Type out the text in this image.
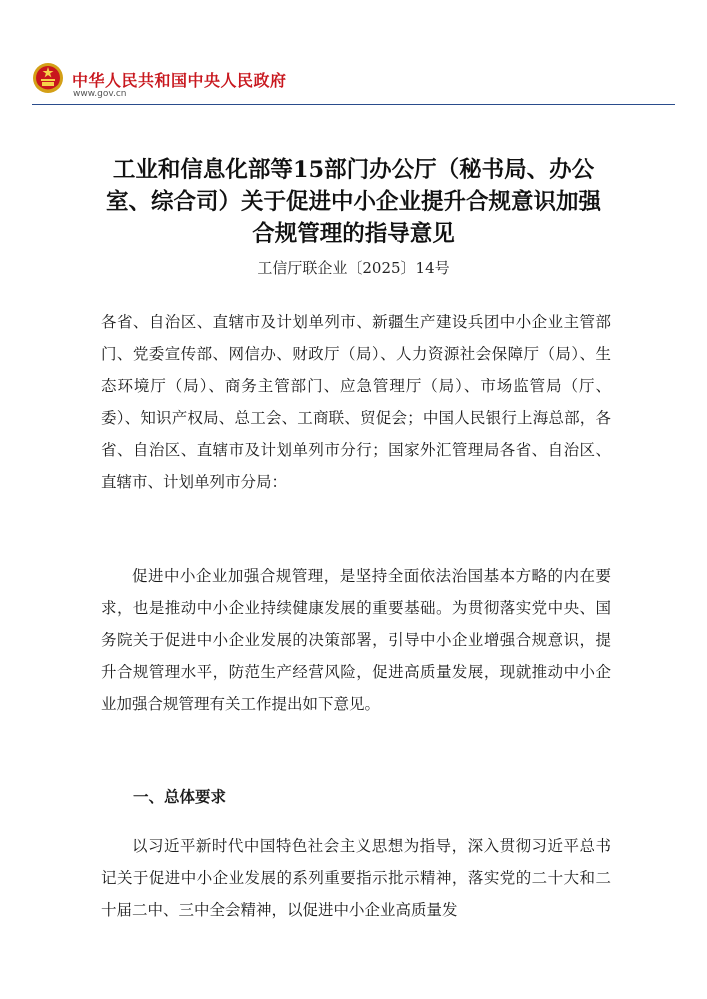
中华人民共和国中央人民政府
www.gov.cn
工业和信息化部等15部门办公厅（秘书局、办公室、综合司）关于促进中小企业提升合规意识加强合规管理的指导意见
工信厅联企业〔2025〕14号

各省、自治区、直辖市及计划单列市、新疆生产建设兵团中小企业主管部门、党委宣传部、网信办、财政厅（局）、人力资源社会保障厅（局）、生态环境厅（局）、商务主管部门、应急管理厅（局）、市场监管局（厅、委）、知识产权局、总工会、工商联、贸促会；中国人民银行上海总部，各省、自治区、直辖市及计划单列市分行；国家外汇管理局各省、自治区、直辖市、计划单列市分局：

促进中小企业加强合规管理，是坚持全面依法治国基本方略的内在要求，也是推动中小企业持续健康发展的重要基础。为贯彻落实党中央、国务院关于促进中小企业发展的决策部署，引导中小企业增强合规意识，提升合规管理水平，防范生产经营风险，促进高质量发展，现就推动中小企业加强合规管理有关工作提出如下意见。

一、总体要求

以习近平新时代中国特色社会主义思想为指导，深入贯彻习近平总书记关于促进中小企业发展的系列重要指示批示精神，落实党的二十大和二十届二中、三中全会精神，以促进中小企业高质量发
